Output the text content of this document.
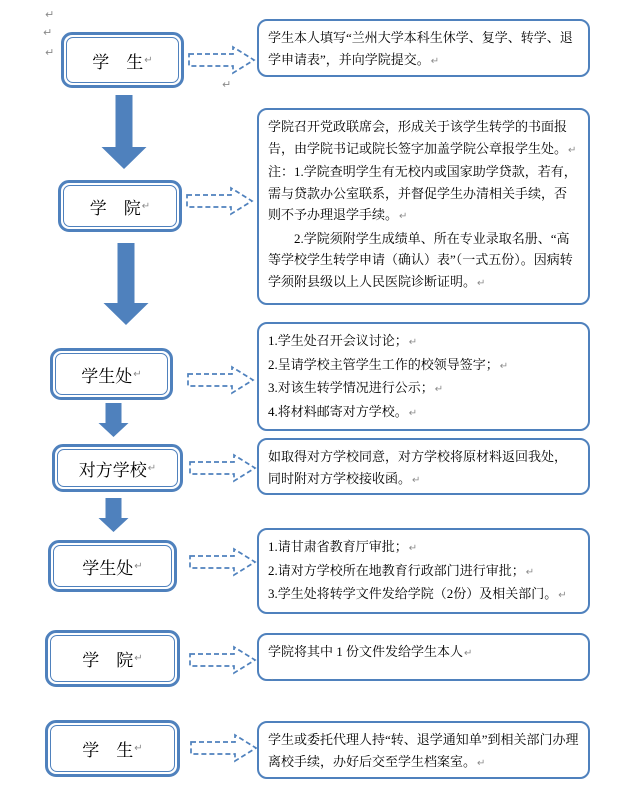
↵
↵
↵
↵
学　生 ↵
学　院 ↵
学生处 ↵
对方学校 ↵
学生处 ↵
学　院 ↵
学　生 ↵

学生本人填写“兰州大学本科生休学、复学、转学、退学申请表”，并向学院提交。↵

学院召开党政联席会，形成关于该学生转学的书面报告，由学院书记或院长签字加盖学院公章报学生处。↵

注：1.学院查明学生有无校内或国家助学贷款，若有，需与贷款办公室联系，并督促学生办清相关手续，否则不予办理退学手续。↵

　　2.学院须附学生成绩单、所在专业录取名册、“高等学校学生转学申请（确认）表”（一式五份）。因病转学须附县级以上人民医院诊断证明。↵

1.学生处召开会议讨论；↵

2.呈请学校主管学生工作的校领导签字；↵

3.对该生转学情况进行公示；↵

4.将材料邮寄对方学校。↵

如取得对方学校同意，对方学校将原材料返回我处，同时附对方学校接收函。↵

1.请甘肃省教育厅审批；↵

2.请对方学校所在地教育行政部门进行审批；↵

3.学生处将转学文件发给学院（2份）及相关部门。↵

学院将其中 1 份文件发给学生本人↵

.

学生或委托代理人持“转、退学通知单”到相关部门办理离校手续，办好后交至学生档案室。↵
